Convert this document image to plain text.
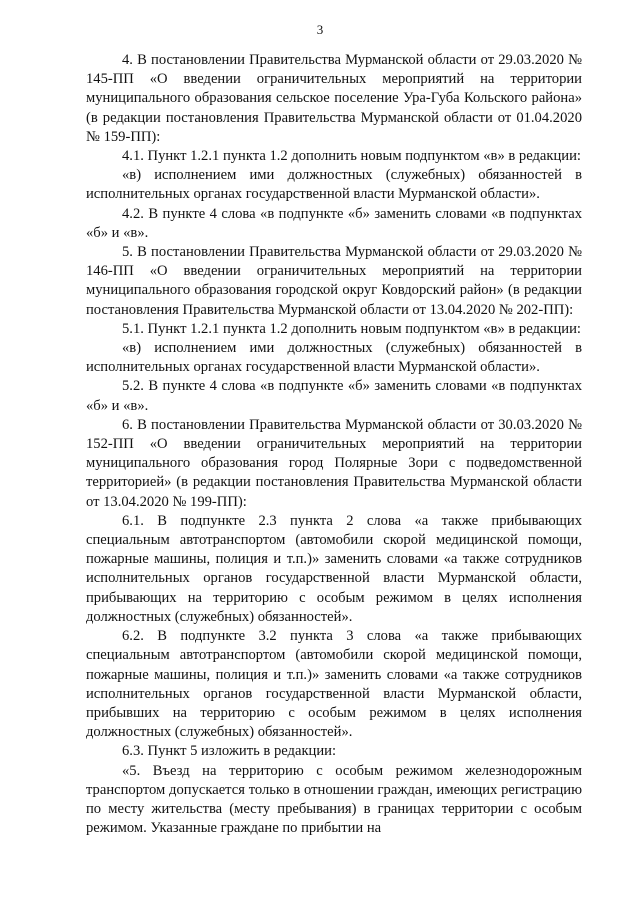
3

4. В постановлении Правительства Мурманской области от 29.03.2020 № 145-ПП «О введении ограничительных мероприятий на территории муниципального образования сельское поселение Ура-Губа Кольского района» (в редакции постановления Правительства Мурманской области от 01.04.2020 № 159-ПП):

4.1. Пункт 1.2.1 пункта 1.2 дополнить новым подпунктом «в» в редакции:

«в) исполнением ими должностных (служебных) обязанностей в исполнительных органах государственной власти Мурманской области».

4.2. В пункте 4 слова «в подпункте «б» заменить словами «в подпунктах «б» и «в».

5. В постановлении Правительства Мурманской области от 29.03.2020 № 146-ПП «О введении ограничительных мероприятий на территории муниципального образования городской округ Ковдорский район» (в редакции постановления Правительства Мурманской области от 13.04.2020 № 202-ПП):

5.1. Пункт 1.2.1 пункта 1.2 дополнить новым подпунктом «в» в редакции:

«в) исполнением ими должностных (служебных) обязанностей в исполнительных органах государственной власти Мурманской области».

5.2. В пункте 4 слова «в подпункте «б» заменить словами «в подпунктах «б» и «в».

6. В постановлении Правительства Мурманской области от 30.03.2020 № 152-ПП «О введении ограничительных мероприятий на территории муниципального образования город Полярные Зори с подведомственной территорией» (в редакции постановления Правительства Мурманской области от 13.04.2020 № 199-ПП):

6.1. В подпункте 2.3 пункта 2 слова «а также прибывающих специальным автотранспортом (автомобили скорой медицинской помощи, пожарные машины, полиция и т.п.)» заменить словами «а также сотрудников исполнительных органов государственной власти Мурманской области, прибывающих на территорию с особым режимом в целях исполнения должностных (служебных) обязанностей».

6.2. В подпункте 3.2 пункта 3 слова «а также прибывающих специальным автотранспортом (автомобили скорой медицинской помощи, пожарные машины, полиция и т.п.)» заменить словами «а также сотрудников исполнительных органов государственной власти Мурманской области, прибывших на территорию с особым режимом в целях исполнения должностных (служебных) обязанностей».

6.3. Пункт 5 изложить в редакции:

«5. Въезд на территорию с особым режимом железнодорожным транспортом допускается только в отношении граждан, имеющих регистрацию по месту жительства (месту пребывания) в границах территории с особым режимом. Указанные граждане по прибытии на
